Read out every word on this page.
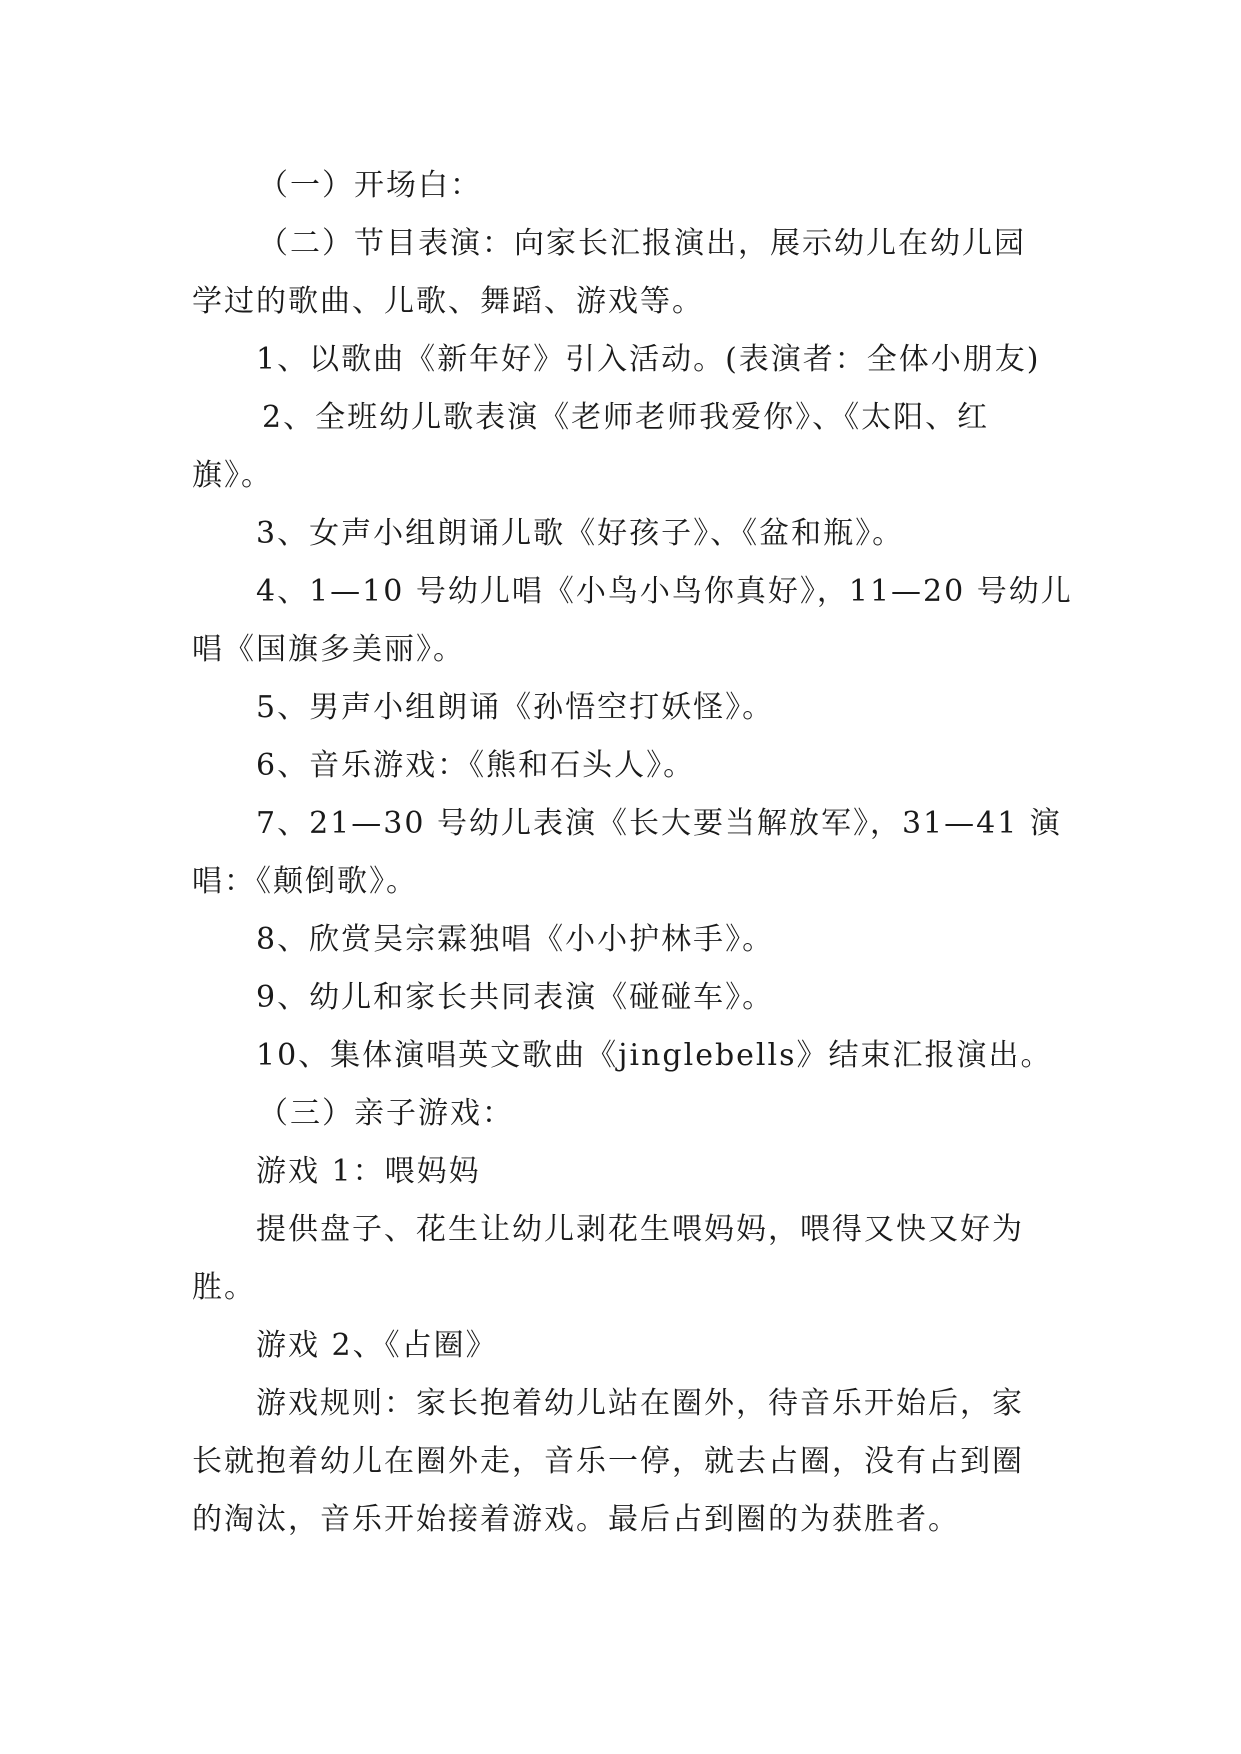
（一）开场白：
（二）节目表演：向家长汇报演出，展示幼儿在幼儿园
学过的歌曲、儿歌、舞蹈、游戏等。
1、以歌曲《新年好》引入活动。(表演者：全体小朋友)
2、全班幼儿歌表演《老师老师我爱你》、《太阳、红
旗》。
3、女声小组朗诵儿歌《好孩子》、《盆和瓶》。
4、1—10 号幼儿唱《小鸟小鸟你真好》，11—20 号幼儿
唱《国旗多美丽》。
5、男声小组朗诵《孙悟空打妖怪》。
6、音乐游戏：《熊和石头人》。
7、21—30 号幼儿表演《长大要当解放军》，31—41 演
唱：《颠倒歌》。
8、欣赏吴宗霖独唱《小小护林手》。
9、幼儿和家长共同表演《碰碰车》。
10、集体演唱英文歌曲《jinglebells》结束汇报演出。
（三）亲子游戏：
游戏 1：喂妈妈
提供盘子、花生让幼儿剥花生喂妈妈，喂得又快又好为
胜。
游戏 2、《占圈》
游戏规则：家长抱着幼儿站在圈外，待音乐开始后，家
长就抱着幼儿在圈外走，音乐一停，就去占圈，没有占到圈
的淘汰，音乐开始接着游戏。最后占到圈的为获胜者。
